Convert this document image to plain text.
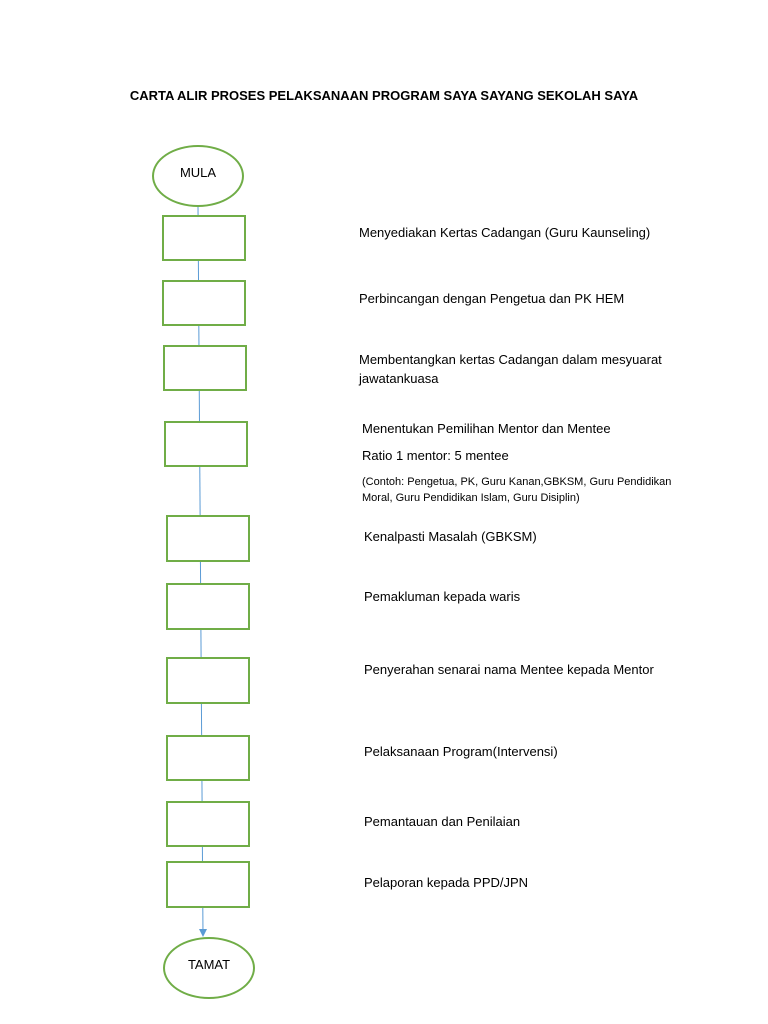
CARTA ALIR PROSES PELAKSANAAN PROGRAM SAYA SAYANG SEKOLAH SAYA
MULA
TAMAT
Menyediakan Kertas Cadangan (Guru Kaunseling)
Perbincangan dengan Pengetua dan PK HEM
Membentangkan kertas Cadangan dalam mesyuarat jawatankuasa
Menentukan Pemilihan Mentor dan Mentee
Ratio 1 mentor: 5 mentee
(Contoh: Pengetua, PK, Guru Kanan,GBKSM, Guru Pendidikan Moral, Guru Pendidikan Islam, Guru Disiplin)
Kenalpasti Masalah (GBKSM)
Pemakluman kepada waris
Penyerahan senarai nama Mentee kepada Mentor
Pelaksanaan Program(Intervensi)
Pemantauan dan Penilaian
Pelaporan kepada PPD/JPN
